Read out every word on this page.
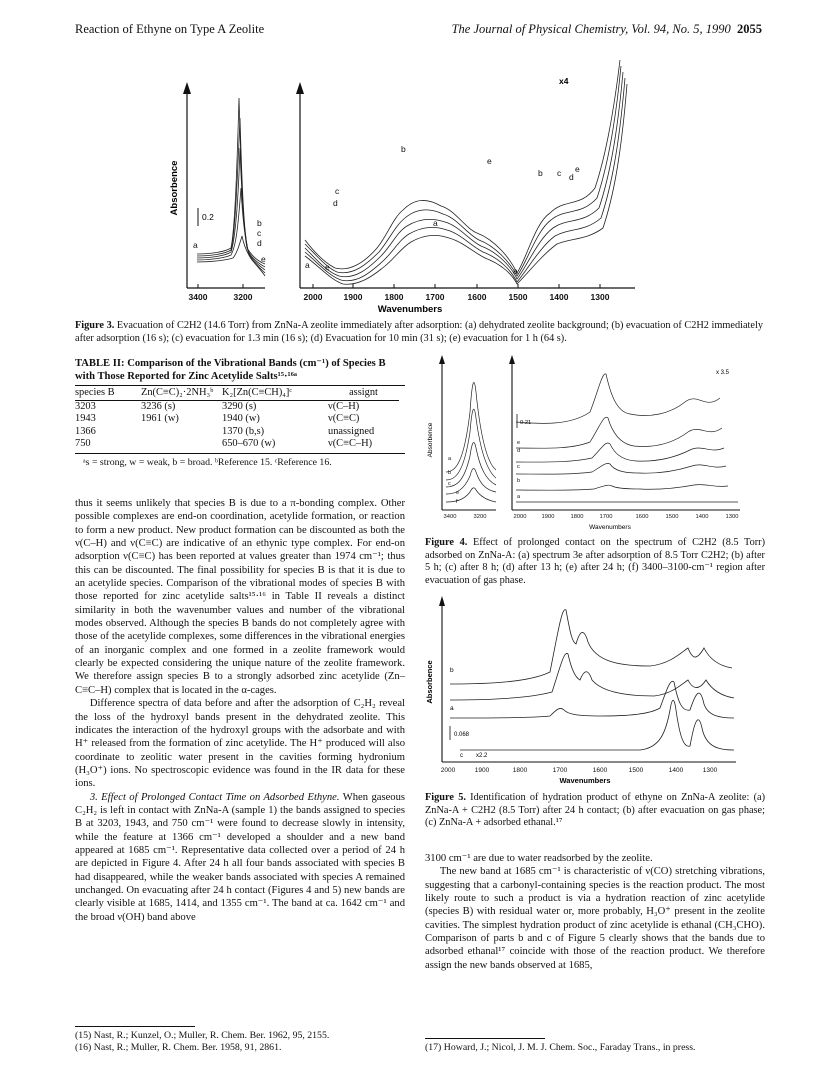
Reaction of Ethyne on Type A Zeolite	The Journal of Physical Chemistry, Vol. 94, No. 5, 1990 2055
3400	3200	2000 1900	1800	1700	1600	1500	1400	1300
Wavenumbers
Absorbence
0.2
a
b
c
d
e
a
a
a
b
b
c
d
e
e
c d
e
x4
Figure 3. Evacuation of C2H2 (14.6 Torr) from ZnNa-A zeolite immediately after adsorption: (a) dehydrated zeolite background; (b) evacuation of C2H2 immediately after adsorption (16 s); (c) evacuation for 1.3 min (16 s); (d) Evacuation for 10 min (31 s); (e) evacuation for 1 h (64 s).
TABLE II: Comparison of the Vibrational Bands (cm⁻¹) of Species B with Those Reported for Zinc Acetylide Salts¹⁵·¹⁶ᵃ
species B	Zn(C≡C)₂·2NH₃ᵇ	K₂[Zn(C≡CH)₄]ᶜ	assignt

3203	3236 (s)	3290 (s)	ν(C–H)
1943	1961 (w)	1940 (w)	ν(C≡C)
1366		1370 (b,s)	unassigned
750		650–670 (w)	ν(C≡C–H)
ᵃs = strong, w = weak, b = broad. ᵇReference 15. ᶜReference 16.

thus it seems unlikely that species B is due to a π-bonding complex. Other possible complexes are end-on coordination, acetylide formation, or reaction to form a new product. New product formation can be discounted as both the ν(C–H) and ν(C≡C) are indicative of an ethynic type complex. For end-on adsorption ν(C≡C) has been reported at values greater than 1974 cm⁻¹; thus this can be discounted. The final possibility for species B is that it is due to an acetylide species. Comparison of the vibrational modes of species B with those reported for zinc acetylide salts¹⁵·¹⁶ in Table II reveals a distinct similarity in both the wavenumber values and number of the vibrational modes observed. Although the species B bands do not completely agree with those of the acetylide complexes, some differences in the vibrational energies of an inorganic complex and one formed in a zeolite framework would clearly be expected considering the unique nature of the zeolite framework. We therefore assign species B to a strongly adsorbed zinc acetylide (Zn–C≡C–H) complex that is located in the α-cages.

Difference spectra of data before and after the adsorption of C₂H₂ reveal the loss of the hydroxyl bands present in the dehydrated zeolite. This indicates the interaction of the hydroxyl groups with the adsorbate and with H⁺ released from the formation of zinc acetylide. The H⁺ produced will also coordinate to zeolitic water present in the cavities forming hydronium (H₃O⁺) ions. No spectroscopic evidence was found in the IR data for these ions.

3. Effect of Prolonged Contact Time on Adsorbed Ethyne. When gaseous C₂H₂ is left in contact with ZnNa-A (sample 1) the bands assigned to species B at 3203, 1943, and 750 cm⁻¹ were found to decrease slowly in intensity, while the feature at 1366 cm⁻¹ developed a shoulder and a new band appeared at 1685 cm⁻¹. Representative data collected over a period of 24 h are depicted in Figure 4. After 24 h all four bands associated with species B had disappeared, while the weaker bands associated with species A remained unchanged. On evacuating after 24 h contact (Figures 4 and 5) new bands are clearly visible at 1685, 1414, and 1355 cm⁻¹. The band at ca. 1642 cm⁻¹ and the broad ν(OH) band above

(15) Nast, R.; Kunzel, O.; Muller, R. Chem. Ber. 1962, 95, 2155.
(16) Nast, R.; Muller, R. Chem. Ber. 1958, 91, 2861.
3400	3200	2000	1900	1800	1700	1600	1500	1400	1300
Wavenumbers
Absorbence	0.21
x 3.5
a
b
c
e
f
e
d
c
b
a
Figure 4. Effect of prolonged contact on the spectrum of C2H2 (8.5 Torr) adsorbed on ZnNa-A: (a) spectrum 3e after adsorption of 8.5 Torr C2H2; (b) after 5 h; (c) after 8 h; (d) after 13 h; (e) after 24 h; (f) 3400–3100-cm⁻¹ region after evacuation of gas phase.
2000	1900	1800	1700	1600	1500	1400	1300
Wavenumbers
Absorbence
0.068
c x2.2
b
a
Figure 5. Identification of hydration product of ethyne on ZnNa-A zeolite: (a) ZnNa-A + C2H2 (8.5 Torr) after 24 h contact; (b) after evacuation on gas phase; (c) ZnNa-A + adsorbed ethanal.¹⁷

3100 cm⁻¹ are due to water readsorbed by the zeolite.

The new band at 1685 cm⁻¹ is characteristic of ν(CO) stretching vibrations, suggesting that a carbonyl-containing species is the reaction product. The most likely route to such a product is via a hydration reaction of zinc acetylide (species B) with residual water or, more probably, H₃O⁺ present in the zeolite cavities. The simplest hydration product of zinc acetylide is ethanal (CH₃CHO). Comparison of parts b and c of Figure 5 clearly shows that the bands due to adsorbed ethanal¹⁷ coincide with those of the reaction product. We therefore assign the new bands observed at 1685,

(17) Howard, J.; Nicol, J. M. J. Chem. Soc., Faraday Trans., in press.
